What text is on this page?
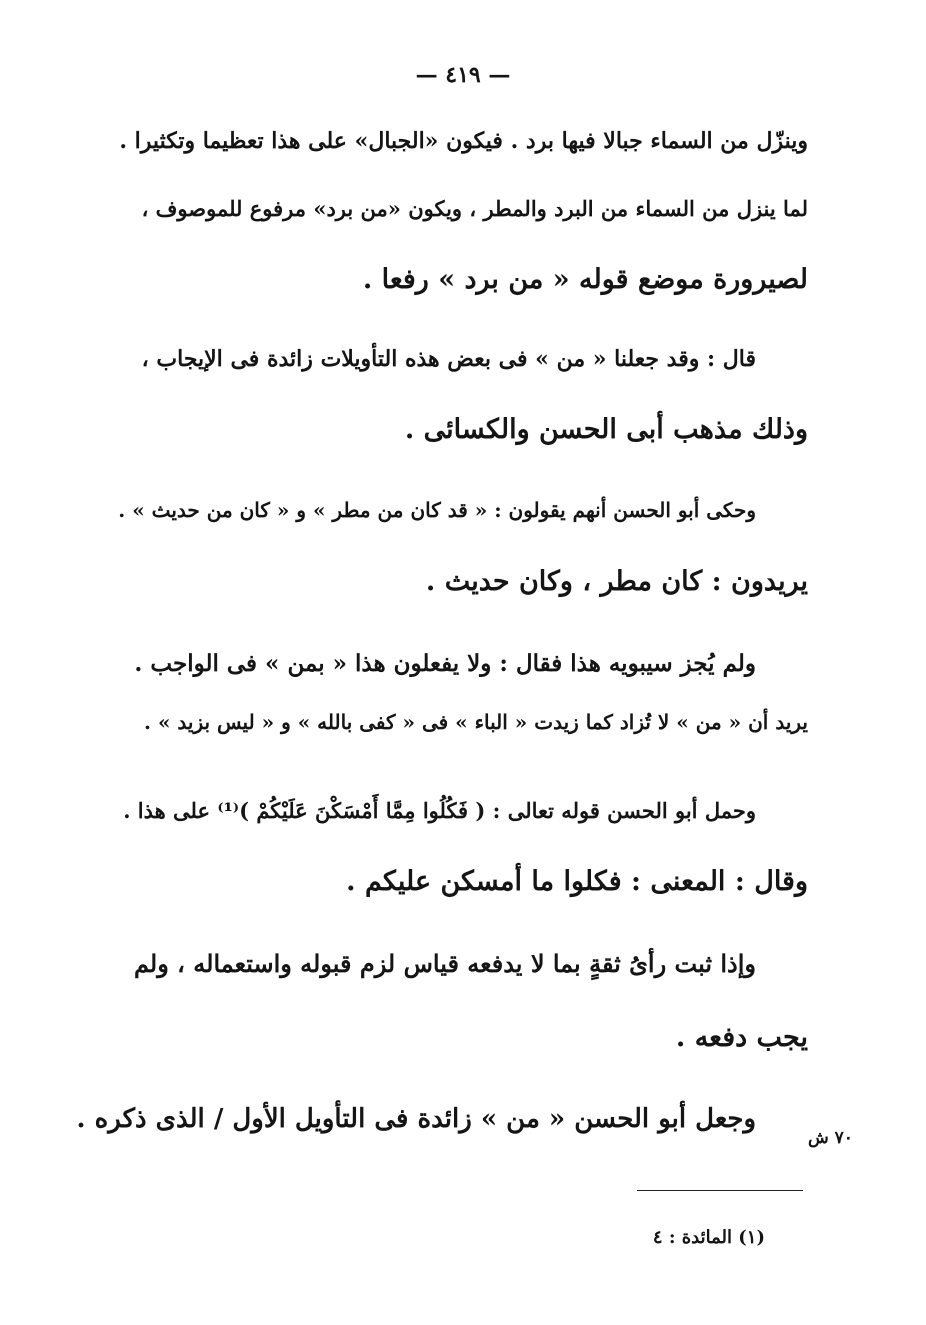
— ٤١٩ —
وينزّل من السماء جبالا فيها برد . فيكون «الجبال» على هذا تعظيما وتكثيرا .
لما ينزل من السماء من البرد والمطر ، ويكون «من برد» مرفوع للموصوف ،
لصيرورة موضع قوله « من برد » رفعا .
قال : وقد جعلنا « من » فى بعض هذه التأويلات زائدة فى الإيجاب ،
وذلك مذهب أبى الحسن والكسائى .
وحكى أبو الحسن أنهم يقولون : « قد كان من مطر » و « كان من حديث » .
يريدون : كان مطر ، وكان حديث .
ولم يُجز سيبويه هذا فقال : ولا يفعلون هذا « بمن » فى الواجب .
يريد أن « من » لا تُزاد كما زيدت « الباء » فى « كفى بالله » و « ليس بزيد » .
وحمل أبو الحسن قوله تعالى : ( فَكُلُوا مِمَّا أَمْسَكْنَ عَلَيْكُمْ )⁽¹⁾ على هذا .
وقال : المعنى : فكلوا ما أمسكن عليكم .
وإذا ثبت رأىُ ثقةٍ بما لا يدفعه قياس لزم قبوله واستعماله ، ولم
يجب دفعه .
وجعل أبو الحسن « من » زائدة فى التأويل الأول / الذى ذكره .
٧٠ ش
(١) المائدة : ٤
